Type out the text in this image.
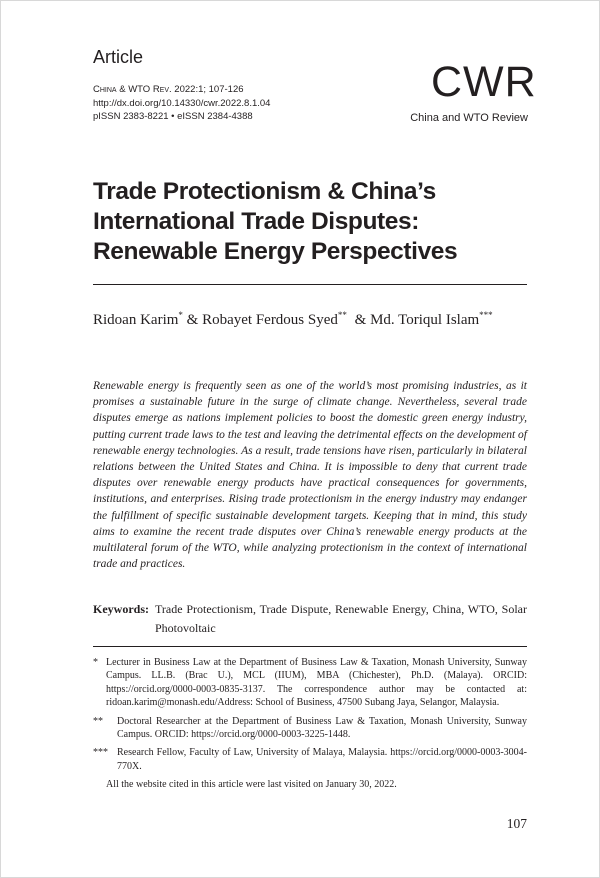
Article
China & WTO Rev. 2022:1; 107-126
http://dx.doi.org/10.14330/cwr.2022.8.1.04
pISSN 2383-8221 • eISSN 2384-4388
CWR
China and WTO Review
Trade Protectionism & China’s
International Trade Disputes:
Renewable Energy Perspectives
Ridoan Karim* & Robayet Ferdous Syed** & Md. Toriqul Islam***
Renewable energy is frequently seen as one of the world’s most promising industries, as it promises a sustainable future in the surge of climate change. Nevertheless, several trade disputes emerge as nations implement policies to boost the domestic green energy industry, putting current trade laws to the test and leaving the detrimental effects on the development of renewable energy technologies. As a result, trade tensions have risen, particularly in bilateral relations between the United States and China. It is impossible to deny that current trade disputes over renewable energy products have practical consequences for governments, institutions, and enterprises. Rising trade protectionism in the energy industry may endanger the fulfillment of specific sustainable development targets. Keeping that in mind, this study aims to examine the recent trade disputes over China’s renewable energy products at the multilateral forum of the WTO, while analyzing protectionism in the context of international trade and practices.
Keywords: Trade Protectionism, Trade Dispute, Renewable Energy, China, WTO, Solar Photovoltaic
* Lecturer in Business Law at the Department of Business Law & Taxation, Monash University, Sunway Campus. LL.B. (Brac U.), MCL (IIUM), MBA (Chichester), Ph.D. (Malaya). ORCID: https://orcid.org/0000-0003-0835-3137. The correspondence author may be contacted at: ridoan.karim@monash.edu/Address: School of Business, 47500 Subang Jaya, Selangor, Malaysia.
** Doctoral Researcher at the Department of Business Law & Taxation, Monash University, Sunway Campus. ORCID: https://orcid.org/0000-0003-3225-1448.
*** Research Fellow, Faculty of Law, University of Malaya, Malaysia. https://orcid.org/0000-0003-3004-770X.
All the website cited in this article were last visited on January 30, 2022.
107
